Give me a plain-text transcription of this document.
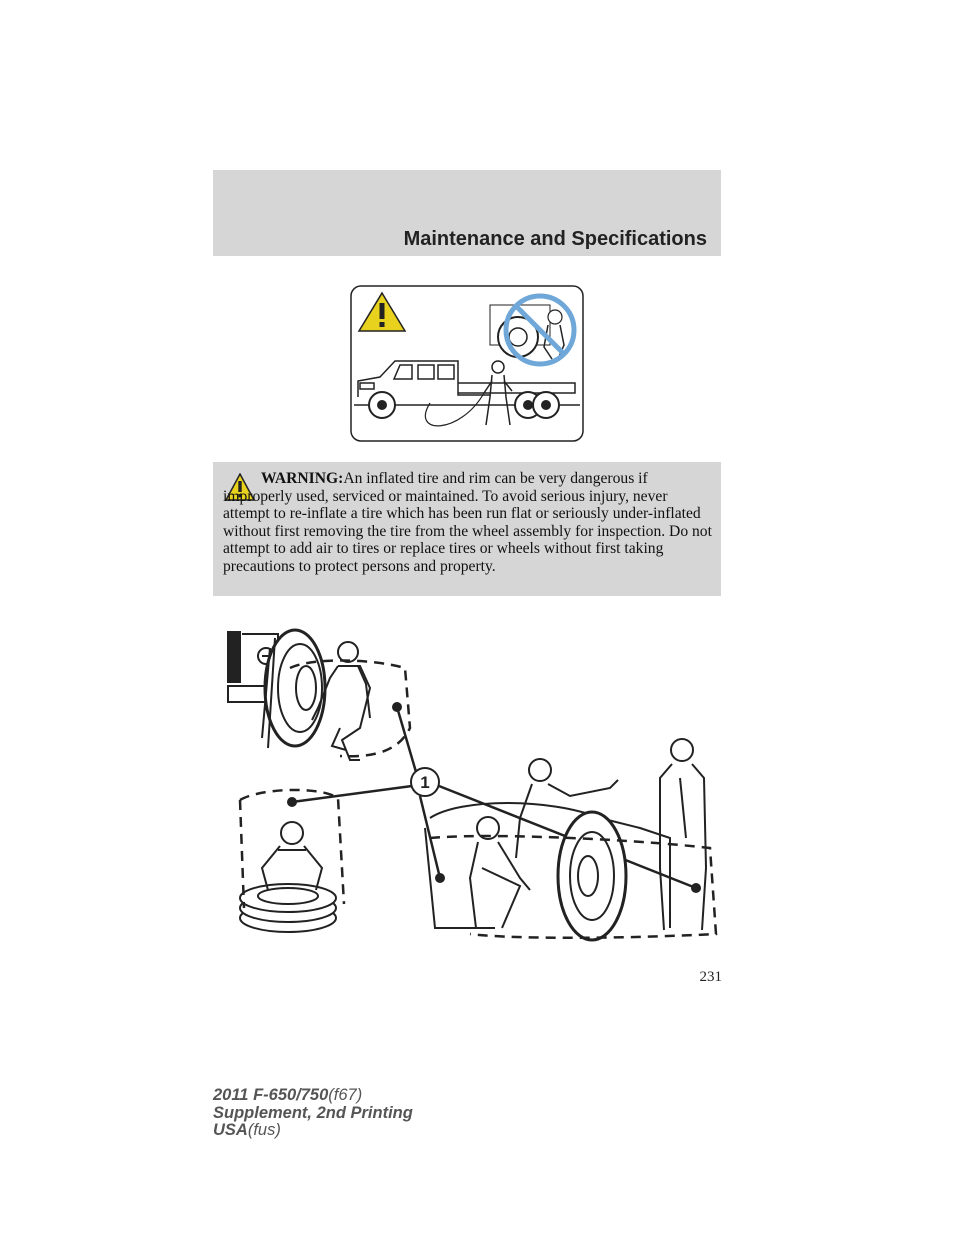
Maintenance and Specifications

WARNING:An inflated tire and rim can be very dangerous if improperly used, serviced or maintained. To avoid serious injury, never attempt to re-inflate a tire which has been run flat or seriously under-inflated without first removing the tire from the wheel assembly for inspection. Do not attempt to add air to tires or replace tires or wheels without first taking precautions to protect persons and property.

1
231
2011 F-650/750(f67)
Supplement, 2nd Printing
USA(fus)
